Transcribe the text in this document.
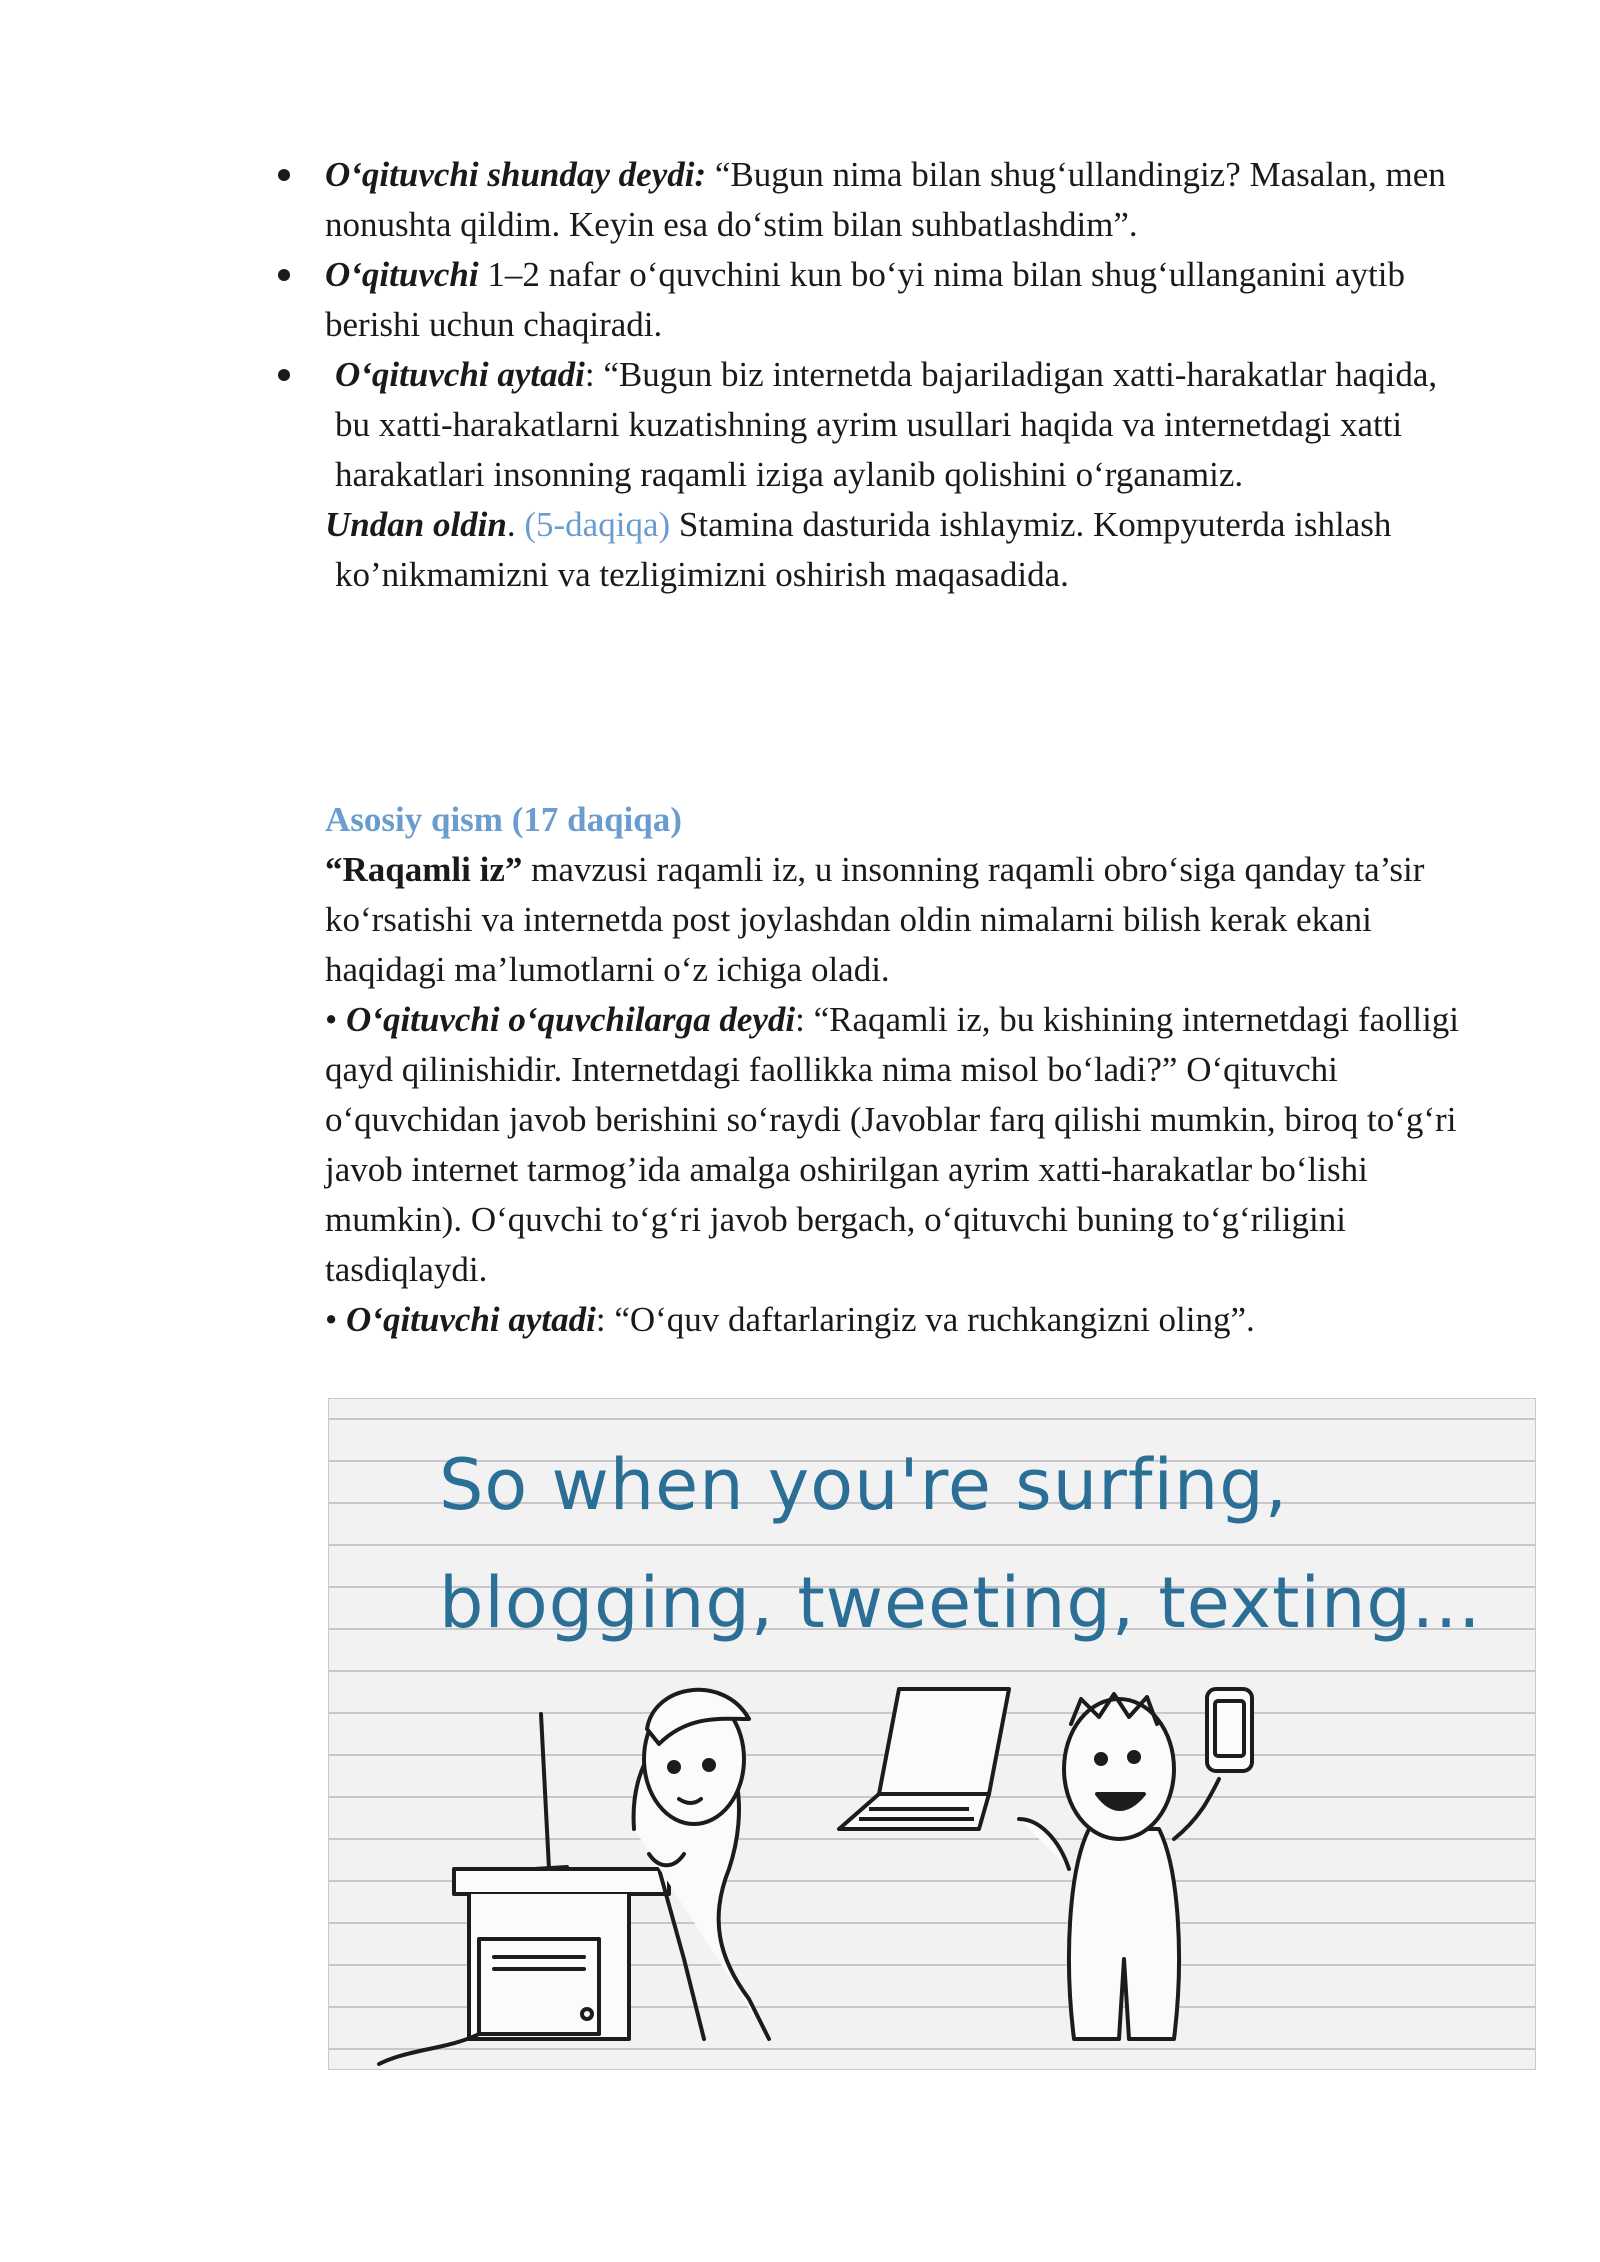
O‘qituvchi shunday deydi: “Bugun nima bilan shug‘ullandingiz? Masalan, men nonushta qildim. Keyin esa do‘stim bilan suhbatlashdim”.
O‘qituvchi 1–2 nafar o‘quvchini kun bo‘yi nima bilan shug‘ullanganini aytib berishi uchun chaqiradi.
O‘qituvchi aytadi: “Bugun biz internetda bajariladigan xatti-harakatlar haqida, bu xatti-harakatlarni kuzatishning ayrim usullari haqida va internetdagi xatti harakatlari insonning raqamli iziga aylanib qolishini o‘rganamiz.
Undan oldin. (5-daqiqa) Stamina dasturida ishlaymiz. Kompyuterda ishlash ko’nikmamizni va tezligimizni oshirish maqasadida.

Asosiy qism (17 daqiqa)
“Raqamli iz” mavzusi raqamli iz, u insonning raqamli obro‘siga qanday ta’sir ko‘rsatishi va internetda post joylashdan oldin nimalarni bilish kerak ekani haqidagi ma’lumotlarni o‘z ichiga oladi.
• O‘qituvchi o‘quvchilarga deydi: “Raqamli iz, bu kishining internetdagi faolligi qayd qilinishidir. Internetdagi faollikka nima misol bo‘ladi?” O‘qituvchi o‘quvchidan javob berishini so‘raydi (Javoblar farq qilishi mumkin, biroq to‘g‘ri javob internet tarmog’ida amalga oshirilgan ayrim xatti-harakatlar bo‘lishi mumkin). O‘quvchi to‘g‘ri javob bergach, o‘qituvchi buning to‘g‘riligini tasdiqlaydi.
• O‘qituvchi aytadi: “O‘quv daftarlaringiz va ruchkangizni oling”.

So when you're surfing,
blogging, tweeting, texting...
